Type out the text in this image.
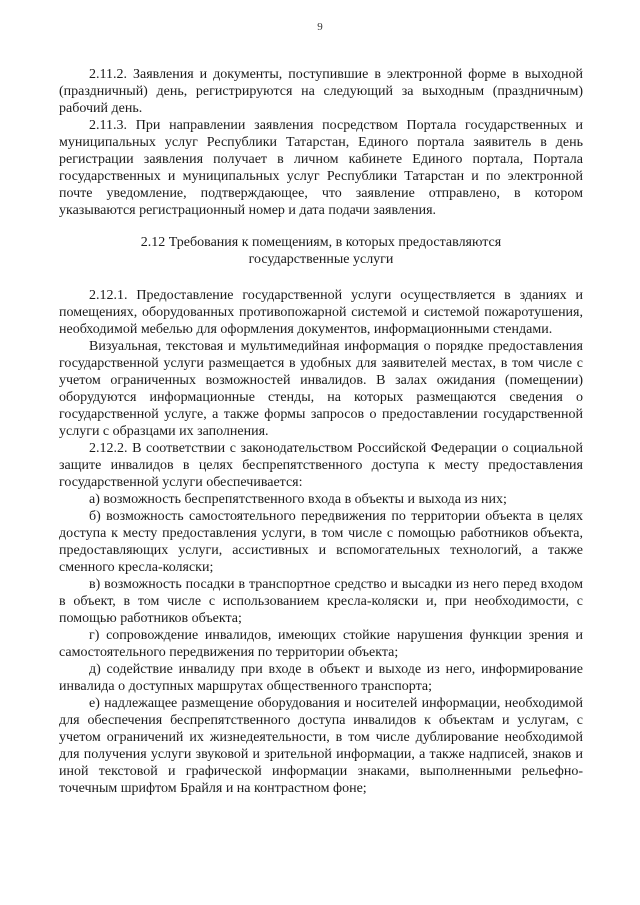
9

2.11.2. Заявления и документы, поступившие в электронной форме в выходной (праздничный) день, регистрируются на следующий за выходным (праздничным) рабочий день.

2.11.3. При направлении заявления посредством Портала государственных и муниципальных услуг Республики Татарстан, Единого портала заявитель в день регистрации заявления получает в личном кабинете Единого портала, Портала государственных и муниципальных услуг Республики Татарстан и по электронной почте уведомление, подтверждающее, что заявление отправлено, в котором указываются регистрационный номер и дата подачи заявления.

2.12 Требования к помещениям, в которых предоставляются
государственные услуги

2.12.1. Предоставление государственной услуги осуществляется в зданиях и помещениях, оборудованных противопожарной системой и системой пожаротушения, необходимой мебелью для оформления документов, информационными стендами.

Визуальная, текстовая и мультимедийная информация о порядке предоставления государственной услуги размещается в удобных для заявителей местах, в том числе с учетом ограниченных возможностей инвалидов. В залах ожидания (помещении) оборудуются информационные стенды, на которых размещаются сведения о государственной услуге, а также формы запросов о предоставлении государственной услуги с образцами их заполнения.

2.12.2. В соответствии с законодательством Российской Федерации о социальной защите инвалидов в целях беспрепятственного доступа к месту предоставления государственной услуги обеспечивается:

а) возможность беспрепятственного входа в объекты и выхода из них;

б) возможность самостоятельного передвижения по территории объекта в целях доступа к месту предоставления услуги, в том числе с помощью работников объекта, предоставляющих услуги, ассистивных и вспомогательных технологий, а также сменного кресла-коляски;

в) возможность посадки в транспортное средство и высадки из него перед входом в объект, в том числе с использованием кресла-коляски и, при необходимости, с помощью работников объекта;

г) сопровождение инвалидов, имеющих стойкие нарушения функции зрения и самостоятельного передвижения по территории объекта;

д) содействие инвалиду при входе в объект и выходе из него, информирование инвалида о доступных маршрутах общественного транспорта;

е) надлежащее размещение оборудования и носителей информации, необходимой для обеспечения беспрепятственного доступа инвалидов к объектам и услугам, с учетом ограничений их жизнедеятельности, в том числе дублирование необходимой для получения услуги звуковой и зрительной информации, а также надписей, знаков и иной текстовой и графической информации знаками, выполненными рельефно-точечным шрифтом Брайля и на контрастном фоне;
